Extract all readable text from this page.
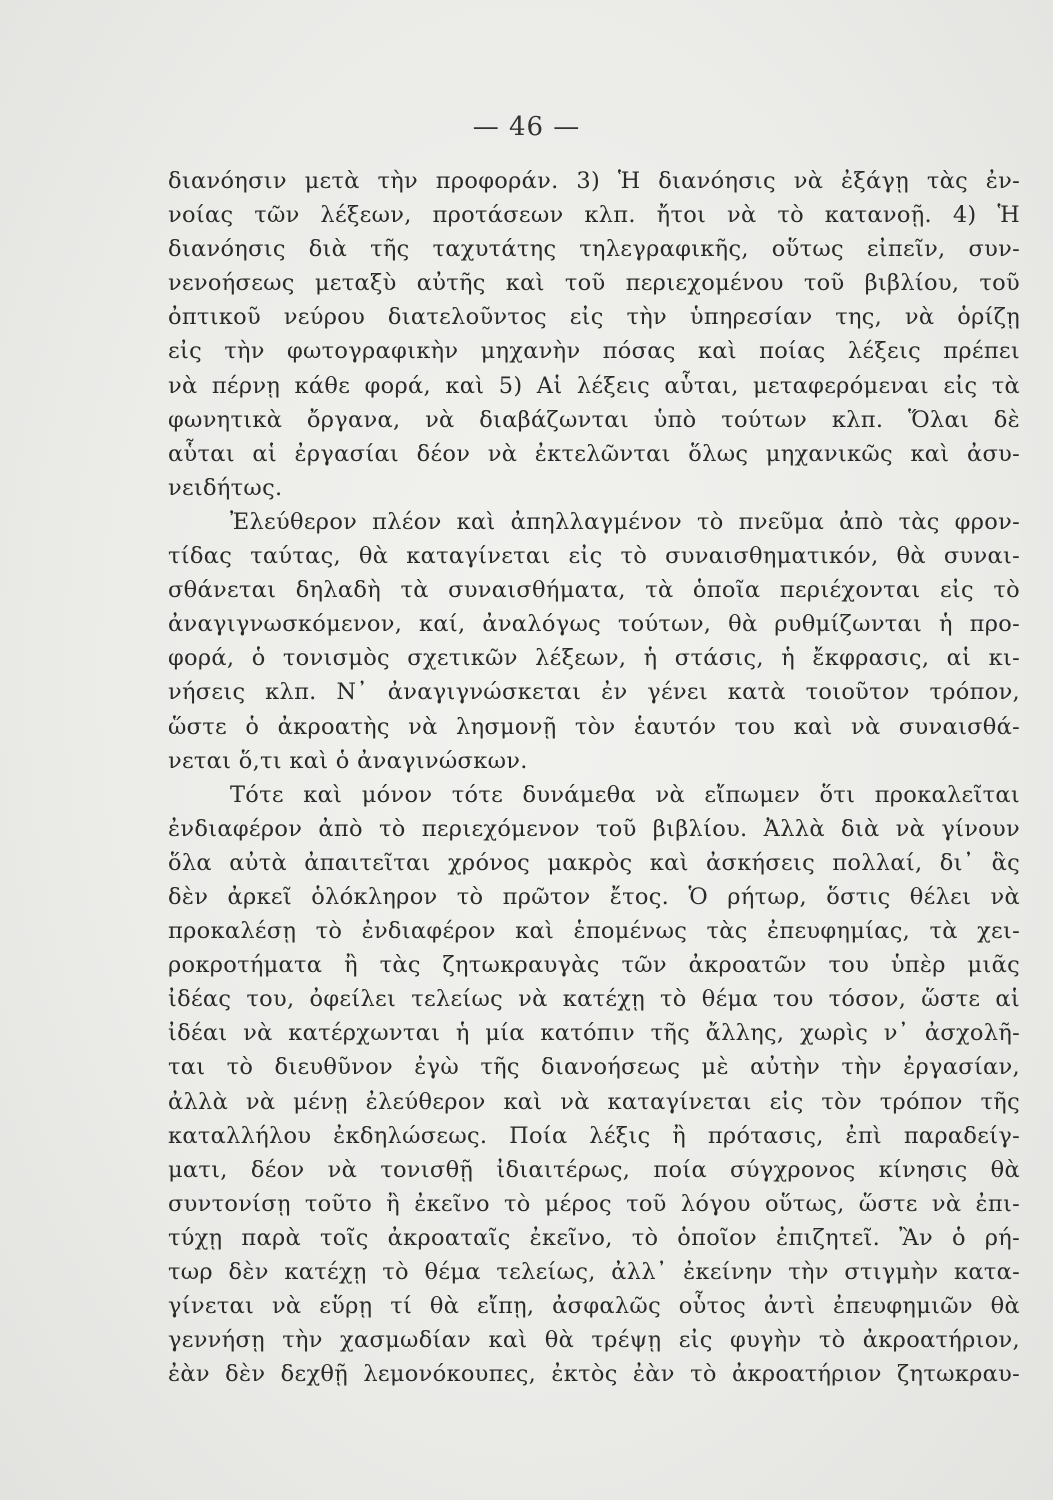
— 46 —
διανόησιν μετὰ τὴν προφοράν. 3) Ἡ διανόησις νὰ ἐξάγῃ τὰς ἐν-
νοίας τῶν λέξεων, προτάσεων κλπ. ἤτοι νὰ τὸ κατανοῇ. 4) Ἡ
διανόησις διὰ τῆς ταχυτάτης τηλεγραφικῆς, οὕτως εἰπεῖν, συν-
νενοήσεως μεταξὺ αὐτῆς καὶ τοῦ περιεχομένου τοῦ βιβλίου, τοῦ
ὀπτικοῦ νεύρου διατελοῦντος εἰς τὴν ὑπηρεσίαν της, νὰ ὁρίζῃ
εἰς τὴν φωτογραφικὴν μηχανὴν πόσας καὶ ποίας λέξεις πρέπει
νὰ πέρνῃ κάθε φορά, καὶ 5) Αἱ λέξεις αὗται, μεταφερόμεναι εἰς τὰ
φωνητικὰ ὄργανα, νὰ διαβάζωνται ὑπὸ τούτων κλπ. Ὅλαι δὲ
αὗται αἱ ἐργασίαι δέον νὰ ἐκτελῶνται ὅλως μηχανικῶς καὶ ἀσυ-
νειδήτως.
Ἐλεύθερον πλέον καὶ ἀπηλλαγμένον τὸ πνεῦμα ἀπὸ τὰς φρον-
τίδας ταύτας, θὰ καταγίνεται εἰς τὸ συναισθηματικόν, θὰ συναι-
σθάνεται δηλαδὴ τὰ συναισθήματα, τὰ ὁποῖα περιέχονται εἰς τὸ
ἀναγιγνωσκόμενον, καί, ἀναλόγως τούτων, θὰ ρυθμίζωνται ἡ προ-
φορά, ὁ τονισμὸς σχετικῶν λέξεων, ἡ στάσις, ἡ ἔκφρασις, αἱ κι-
νήσεις κλπ. Ν᾽ ἀναγιγνώσκεται ἐν γένει κατὰ τοιοῦτον τρόπον,
ὥστε ὁ ἀκροατὴς νὰ λησμονῇ τὸν ἑαυτόν του καὶ νὰ συναισθά-
νεται ὅ,τι καὶ ὁ ἀναγινώσκων.
Τότε καὶ μόνον τότε δυνάμεθα νὰ εἴπωμεν ὅτι προκαλεῖται
ἐνδιαφέρον ἀπὸ τὸ περιεχόμενον τοῦ βιβλίου. Ἀλλὰ διὰ νὰ γίνουν
ὅλα αὐτὰ ἀπαιτεῖται χρόνος μακρὸς καὶ ἀσκήσεις πολλαί, δι᾽ ἃς
δὲν ἀρκεῖ ὁλόκληρον τὸ πρῶτον ἔτος. Ὁ ρήτωρ, ὅστις θέλει νὰ
προκαλέσῃ τὸ ἐνδιαφέρον καὶ ἑπομένως τὰς ἐπευφημίας, τὰ χει-
ροκροτήματα ἢ τὰς ζητωκραυγὰς τῶν ἀκροατῶν του ὑπὲρ μιᾶς
ἰδέας του, ὀφείλει τελείως νὰ κατέχῃ τὸ θέμα του τόσον, ὥστε αἱ
ἰδέαι νὰ κατέρχωνται ἡ μία κατόπιν τῆς ἄλλης, χωρὶς ν᾽ ἀσχολῆ-
ται τὸ διευθῦνον ἐγὼ τῆς διανοήσεως μὲ αὐτὴν τὴν ἐργασίαν,
ἀλλὰ νὰ μένῃ ἐλεύθερον καὶ νὰ καταγίνεται εἰς τὸν τρόπον τῆς
καταλλήλου ἐκδηλώσεως. Ποία λέξις ἢ πρότασις, ἐπὶ παραδείγ-
ματι, δέον νὰ τονισθῇ ἰδιαιτέρως, ποία σύγχρονος κίνησις θὰ
συντονίσῃ τοῦτο ἢ ἐκεῖνο τὸ μέρος τοῦ λόγου οὕτως, ὥστε νὰ ἐπι-
τύχῃ παρὰ τοῖς ἀκροαταῖς ἐκεῖνο, τὸ ὁποῖον ἐπιζητεῖ. Ἂν ὁ ρή-
τωρ δὲν κατέχῃ τὸ θέμα τελείως, ἀλλ᾽ ἐκείνην τὴν στιγμὴν κατα-
γίνεται νὰ εὕρῃ τί θὰ εἴπῃ, ἀσφαλῶς οὗτος ἀντὶ ἐπευφημιῶν θὰ
γεννήσῃ τὴν χασμωδίαν καὶ θὰ τρέψῃ εἰς φυγὴν τὸ ἀκροατήριον,
ἐὰν δὲν δεχθῇ λεμονόκουπες, ἐκτὸς ἐὰν τὸ ἀκροατήριον ζητωκραυ-
